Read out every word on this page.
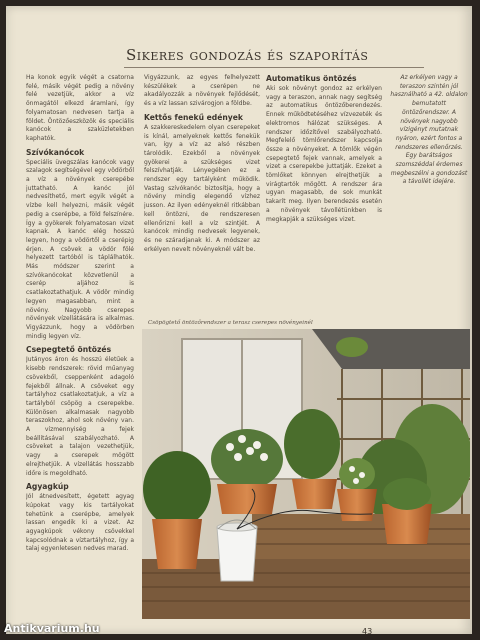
Sikeres gondozás és szaporítás

Ha konok egyik végét a csatorna felé, másik végét pedig a növény felé vezetjük, akkor a víz önmagától elkezd áramlani, így folyamatosan nedvesen tartja a földet. Öntözőeszközök és speciális kanócok a szaküzletekben kaphatók.

Szívókanócok

Speciális üvegszálas kanócok vagy szalagok segítségével egy vödörből a víz a növények cserepébe juttatható. A kanóc jól nedvesíthető, mert egyik végét a vízbe kell helyezni, másik végét pedig a cserépbe, a föld felszínére. Így a gyökerek folyamatosan vizet kapnak. A kanóc elég hosszú legyen, hogy a vödörtől a cserépig érjen. A csövek a vödör fölé helyezett tartóból is táplálhatók. Más módszer szerint a szívókanócokat közvetlenül a cserép aljához is csatlakoztathatjuk. A vödör mindig legyen magasabban, mint a növény. Nagyobb cserepes növények vízellátására is alkalmas. Vigyázzunk, hogy a vödörben mindig legyen víz.

Csepegtető öntözés

Jutányos áron és hosszú életűek a kisebb rendszerek: rövid műanyag csövekből, cseppenként adagoló fejekből állnak. A csöveket egy tartályhoz csatlakoztatjuk, a víz a tartályból csöpög a cserepekbe. Különösen alkalmasak nagyobb teraszokhoz, ahol sok növény van. A vízmennyiség a fejek beállításával szabályozható. A csöveket a talajon vezethetjük, vagy a cserepek mögött elrejthetjük. A vízellátás hosszabb időre is megoldható.

Agyagkúp

Jól átnedvesített, égetett agyag kúpokat vagy kis tartályokat tehetünk a cserépbe, amelyek lassan engedik ki a vizet. Az agyagkúpok vékony csövekkel kapcsolódnak a víztartályhoz, így a talaj egyenletesen nedves marad.

Vigyázzunk, az egyes felhelyezett készülékek a cserépen ne akadályozzák a növények fejlődését, és a víz lassan szivárogjon a földbe.

Kettős fenekű edények

A szakkereskedelem olyan cserepeket is kínál, amelyeknek kettős fenekük van, így a víz az alsó részben tárolódik. Ezekből a növények gyökerei a szükséges vizet felszívhatják. Lényegében ez a rendszer egy tartályként működik. Vastag szívókanóc biztosítja, hogy a növény mindig elegendő vízhez jusson. Az ilyen edényeknél ritkábban kell öntözni, de rendszeresen ellenőrizni kell a víz szintjét. A kanócok mindig nedvesek legyenek, és ne száradjanak ki. A módszer az erkélyen nevelt növényeknél vált be.

Automatikus öntözés

Aki sok növényt gondoz az erkélyen vagy a teraszon, annak nagy segítség az automatikus öntözőberendezés. Ennek működtetéséhez vízvezeték és elektromos hálózat szükséges. A rendszer időzítővel szabályozható. Megfelelő tömlőrendszer kapcsolja össze a növényeket. A tömlők végén csepegtető fejek vannak, amelyek a vizet a cserepekbe juttatják. Ezeket a tömlőket könnyen elrejthetjük a virágtartók mögött. A rendszer ára ugyan magasabb, de sok munkát takarít meg. Ilyen berendezés esetén a növények távollétünkben is megkapják a szükséges vizet.

Az erkélyen vagy a teraszon szintén jól használható a 42. oldalon bemutatott öntözőrendszer. A növények nagyobb vízigényt mutatnak nyáron, ezért fontos a rendszeres ellenőrzés. Egy barátságos szomszéddal érdemes megbeszélni a gondozást a távollét idejére.

Csöpögtető öntözőrendszer a terasz cserepes növényeinél
43
Antikvarium.hu
